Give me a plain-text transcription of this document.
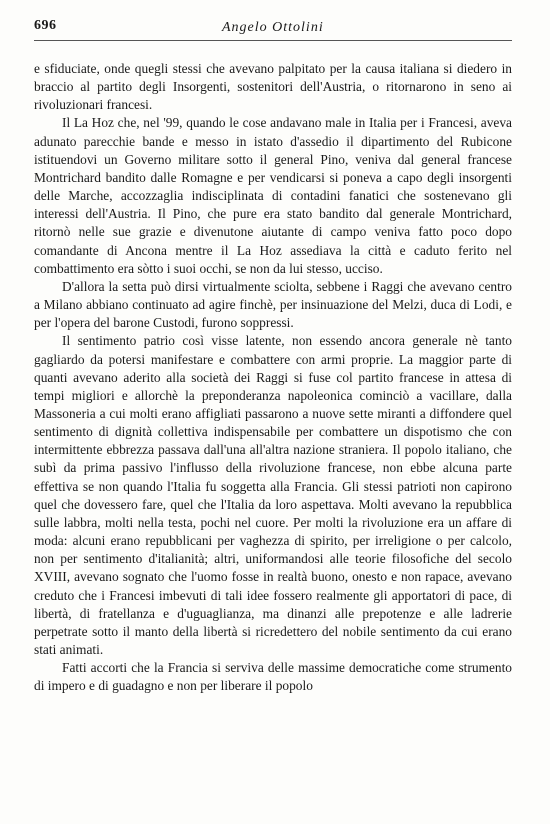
696	Angelo Ottolini

e sfiduciate, onde quegli stessi che avevano palpitato per la causa italiana si diedero in braccio al partito degli Insorgenti, sostenitori dell'Austria, o ritornarono in seno ai rivoluzionari francesi.

Il La Hoz che, nel '99, quando le cose andavano male in Italia per i Francesi, aveva adunato parecchie bande e messo in istato d'assedio il dipartimento del Rubicone istituendovi un Governo militare sotto il general Pino, veniva dal general francese Montrichard bandito dalle Romagne e per vendicarsi si poneva a capo degli insorgenti delle Marche, accozzaglia indisciplinata di contadini fanatici che sostenevano gli interessi dell'Austria. Il Pino, che pure era stato bandito dal generale Montrichard, ritornò nelle sue grazie e divenutone aiutante di campo veniva fatto poco dopo comandante di Ancona mentre il La Hoz assediava la città e caduto ferito nel combattimento era sòtto i suoi occhi, se non da lui stesso, ucciso.

D'allora la setta può dirsi virtualmente sciolta, sebbene i Raggi che avevano centro a Milano abbiano continuato ad agire finchè, per insinuazione del Melzi, duca di Lodi, e per l'opera del barone Custodi, furono soppressi.

Il sentimento patrio così visse latente, non essendo ancora generale nè tanto gagliardo da potersi manifestare e combattere con armi proprie. La maggior parte di quanti avevano aderito alla società dei Raggi si fuse col partito francese in attesa di tempi migliori e allorchè la preponderanza napoleonica cominciò a vacillare, dalla Massoneria a cui molti erano affigliati passarono a nuove sette miranti a diffondere quel sentimento di dignità collettiva indispensabile per combattere un dispotismo che con intermittente ebbrezza passava dall'una all'altra nazione straniera. Il popolo italiano, che subì da prima passivo l'influsso della rivoluzione francese, non ebbe alcuna parte effettiva se non quando l'Italia fu soggetta alla Francia. Gli stessi patrioti non capirono quel che dovessero fare, quel che l'Italia da loro aspettava. Molti avevano la repubblica sulle labbra, molti nella testa, pochi nel cuore. Per molti la rivoluzione era un affare di moda: alcuni erano repubblicani per vaghezza di spirito, per irreligione o per calcolo, non per sentimento d'italianità; altri, uniformandosi alle teorie filosofiche del secolo XVIII, avevano sognato che l'uomo fosse in realtà buono, onesto e non rapace, avevano creduto che i Francesi imbevuti di tali idee fossero realmente gli apportatori di pace, di libertà, di fratellanza e d'uguaglianza, ma dinanzi alle prepotenze e alle ladrerie perpetrate sotto il manto della libertà si ricredettero del nobile sentimento da cui erano stati animati.

Fatti accorti che la Francia si serviva delle massime democratiche come strumento di impero e di guadagno e non per liberare il popolo
